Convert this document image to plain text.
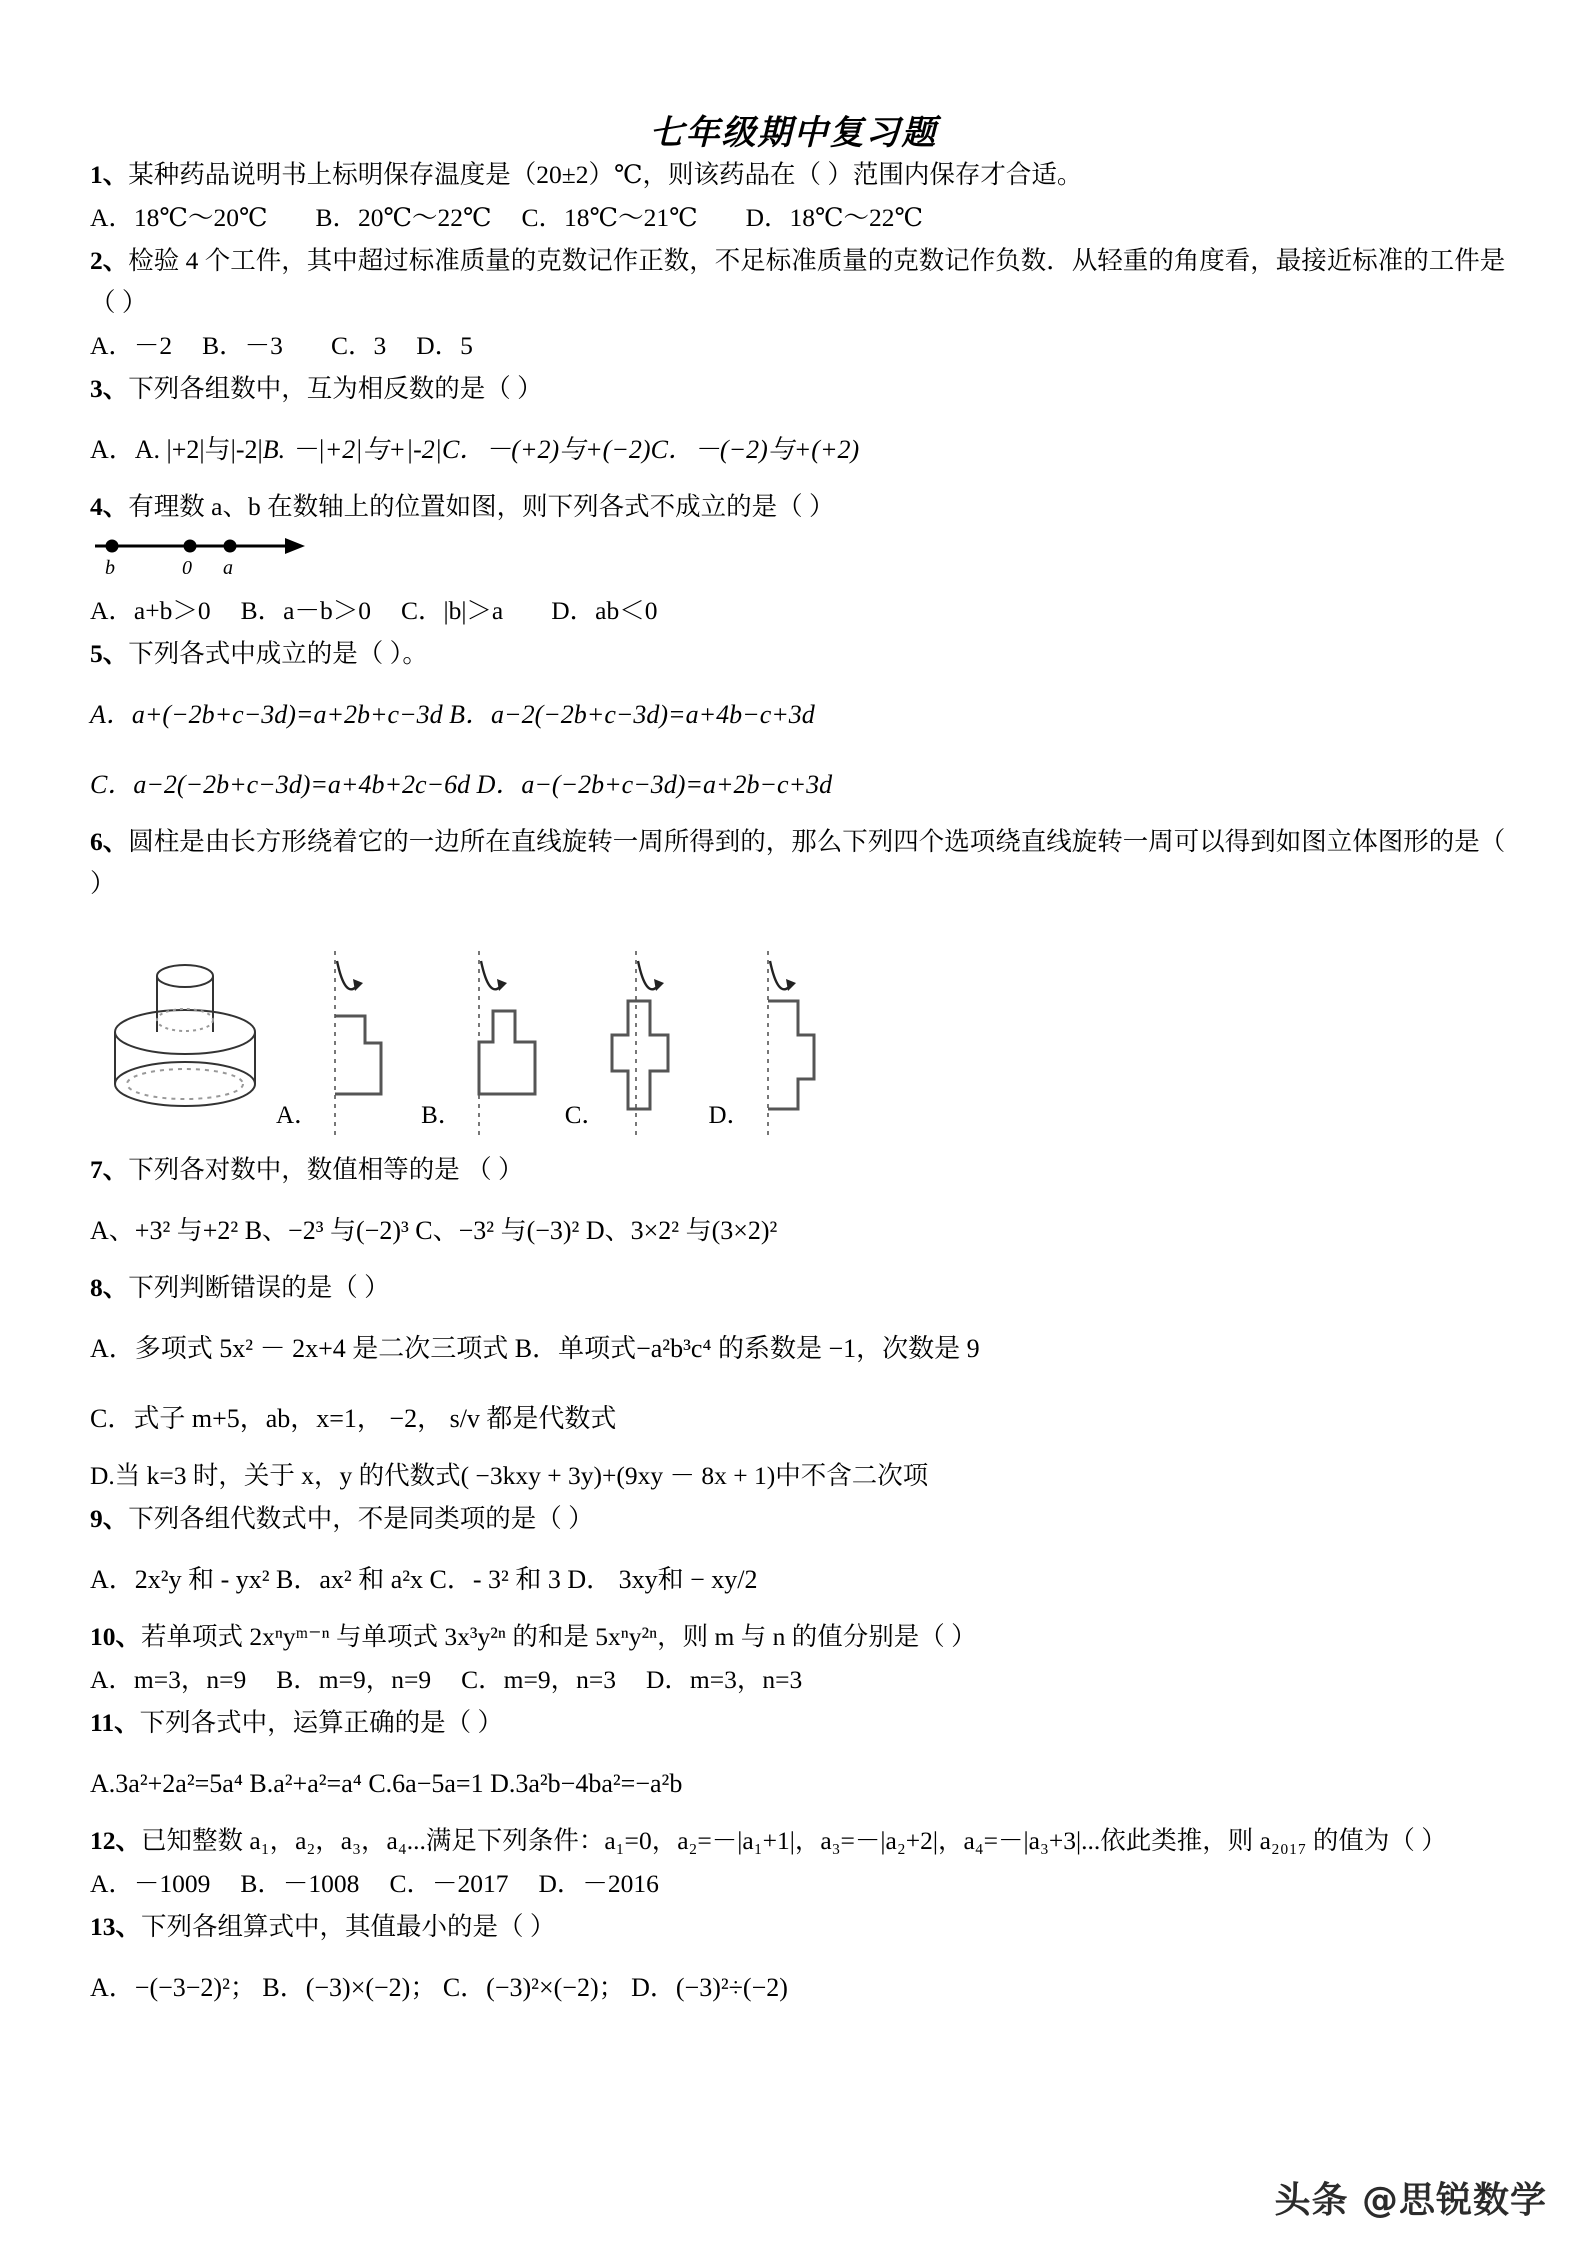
七年级期中复习题
1、某种药品说明书上标明保存温度是（20±2）℃，则该药品在（ ）范围内保存才合适。
A．18℃～20℃ B．20℃～22℃ C．18℃～21℃ D．18℃～22℃
2、检验 4 个工件，其中超过标准质量的克数记作正数，不足标准质量的克数记作负数．从轻重的角度看，最接近标准的工件是（ ）
A．－2 B．－3 C．3 D．5
3、下列各组数中，互为相反数的是（ ）
A．A. |+2|与|-2|B. －|+2|与+|-2|C．－(+2)与+(−2)C．－(−2)与+(+2)
4、有理数 a、b 在数轴上的位置如图，则下列各式不成立的是（ ）
b	0 a
A．a+b＞0 B．a－b＞0 C．|b|＞a D．ab＜0
5、下列各式中成立的是（ ）。
A．a+(−2b+c−3d)=a+2b+c−3d B．a−2(−2b+c−3d)=a+4b−c+3d
C．a−2(−2b+c−3d)=a+4b+2c−6d D．a−(−2b+c−3d)=a+2b−c+3d
6、圆柱是由长方形绕着它的一边所在直线旋转一周所得到的，那么下列四个选项绕直线旋转一周可以得到如图立体图形的是（ ）
A．	B．	C．	D．
7、下列各对数中，数值相等的是 （ ）
A、+3² 与+2² B、−2³ 与(−2)³ C、−3² 与(−3)² D、3×2² 与(3×2)²
8、下列判断错误的是（ ）
A．多项式 5x² － 2x+4 是二次三项式 B．单项式−a²b³c⁴ 的系数是 −1，次数是 9
C．式子 m+5，ab，x=1， −2， s/v 都是代数式
D.当 k=3 时，关于 x，y 的代数式( −3kxy + 3y)+(9xy － 8x + 1)中不含二次项
9、下列各组代数式中，不是同类项的是（ ）
A．2x²y 和 - yx² B．ax² 和 a²x C．- 3² 和 3 D． 3xy和 − xy/2
10、若单项式 2xⁿyᵐ⁻ⁿ 与单项式 3x³y²ⁿ 的和是 5xⁿy²ⁿ，则 m 与 n 的值分别是（ ）
A．m=3，n=9 B．m=9，n=9 C．m=9，n=3 D．m=3，n=3
11、下列各式中，运算正确的是（ ）
A.3a²+2a²=5a⁴ B.a²+a²=a⁴ C.6a−5a=1 D.3a²b−4ba²=−a²b
12、已知整数 a₁，a₂，a₃，a₄...满足下列条件：a₁=0，a₂=－|a₁+1|，a₃=－|a₂+2|，a₄=－|a₃+3|...依此类推，则 a₂₀₁₇ 的值为（ ）
A．－1009 B．－1008 C．－2017 D．－2016
13、下列各组算式中，其值最小的是（ ）
A．−(−3−2)²； B．(−3)×(−2)； C．(−3)²×(−2)； D．(−3)²÷(−2)
头条 @思锐数学
